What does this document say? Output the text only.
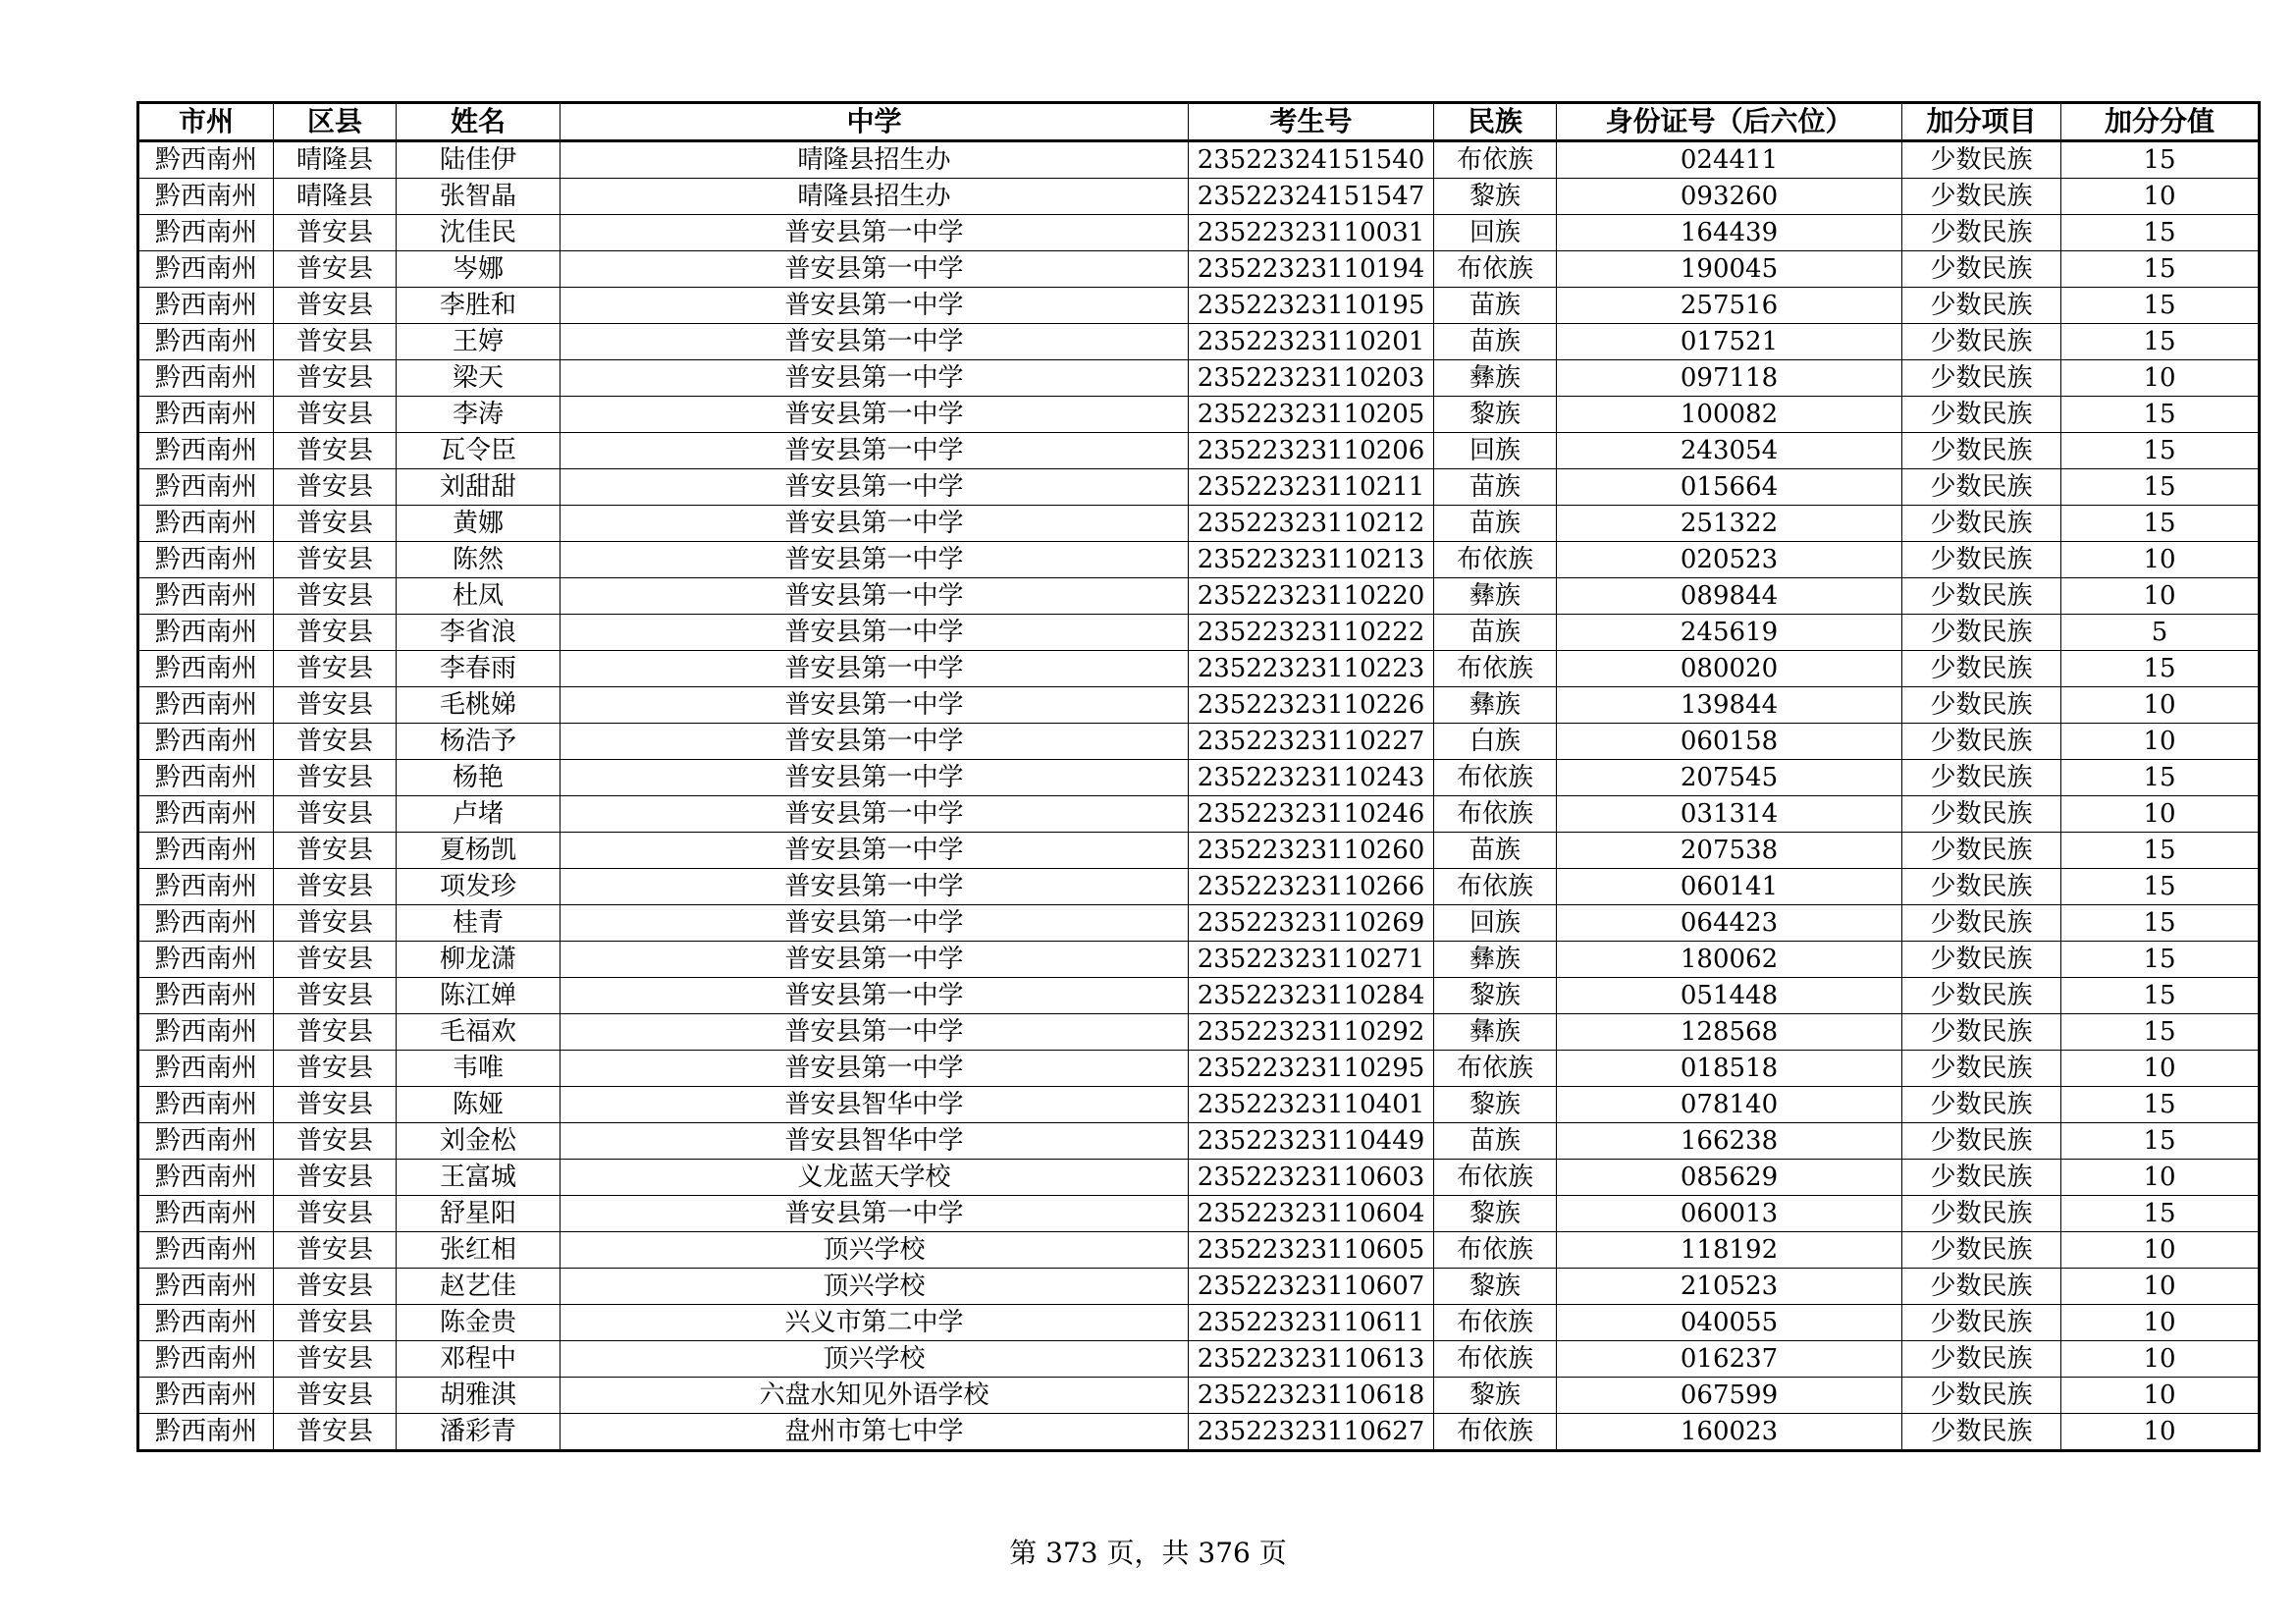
市州	区县	姓名	中学	考生号	民族	身份证号（后六位）	加分项目	加分分值
黔西南州	晴隆县	陆佳伊	晴隆县招生办	23522324151540	布依族	024411	少数民族	15
黔西南州	晴隆县	张智晶	晴隆县招生办	23522324151547	黎族	093260	少数民族	10
黔西南州	普安县	沈佳民	普安县第一中学	23522323110031	回族	164439	少数民族	15
黔西南州	普安县	岑娜	普安县第一中学	23522323110194	布依族	190045	少数民族	15
黔西南州	普安县	李胜和	普安县第一中学	23522323110195	苗族	257516	少数民族	15
黔西南州	普安县	王婷	普安县第一中学	23522323110201	苗族	017521	少数民族	15
黔西南州	普安县	梁天	普安县第一中学	23522323110203	彝族	097118	少数民族	10
黔西南州	普安县	李涛	普安县第一中学	23522323110205	黎族	100082	少数民族	15
黔西南州	普安县	瓦令臣	普安县第一中学	23522323110206	回族	243054	少数民族	15
黔西南州	普安县	刘甜甜	普安县第一中学	23522323110211	苗族	015664	少数民族	15
黔西南州	普安县	黄娜	普安县第一中学	23522323110212	苗族	251322	少数民族	15
黔西南州	普安县	陈然	普安县第一中学	23522323110213	布依族	020523	少数民族	10
黔西南州	普安县	杜凤	普安县第一中学	23522323110220	彝族	089844	少数民族	10
黔西南州	普安县	李省浪	普安县第一中学	23522323110222	苗族	245619	少数民族	5
黔西南州	普安县	李春雨	普安县第一中学	23522323110223	布依族	080020	少数民族	15
黔西南州	普安县	毛桃娣	普安县第一中学	23522323110226	彝族	139844	少数民族	10
黔西南州	普安县	杨浩予	普安县第一中学	23522323110227	白族	060158	少数民族	10
黔西南州	普安县	杨艳	普安县第一中学	23522323110243	布依族	207545	少数民族	15
黔西南州	普安县	卢堵	普安县第一中学	23522323110246	布依族	031314	少数民族	10
黔西南州	普安县	夏杨凯	普安县第一中学	23522323110260	苗族	207538	少数民族	15
黔西南州	普安县	项发珍	普安县第一中学	23522323110266	布依族	060141	少数民族	15
黔西南州	普安县	桂青	普安县第一中学	23522323110269	回族	064423	少数民族	15
黔西南州	普安县	柳龙潇	普安县第一中学	23522323110271	彝族	180062	少数民族	15
黔西南州	普安县	陈江婵	普安县第一中学	23522323110284	黎族	051448	少数民族	15
黔西南州	普安县	毛福欢	普安县第一中学	23522323110292	彝族	128568	少数民族	15
黔西南州	普安县	韦唯	普安县第一中学	23522323110295	布依族	018518	少数民族	10
黔西南州	普安县	陈娅	普安县智华中学	23522323110401	黎族	078140	少数民族	15
黔西南州	普安县	刘金松	普安县智华中学	23522323110449	苗族	166238	少数民族	15
黔西南州	普安县	王富城	义龙蓝天学校	23522323110603	布依族	085629	少数民族	10
黔西南州	普安县	舒星阳	普安县第一中学	23522323110604	黎族	060013	少数民族	15
黔西南州	普安县	张红相	顶兴学校	23522323110605	布依族	118192	少数民族	10
黔西南州	普安县	赵艺佳	顶兴学校	23522323110607	黎族	210523	少数民族	10
黔西南州	普安县	陈金贵	兴义市第二中学	23522323110611	布依族	040055	少数民族	10
黔西南州	普安县	邓程中	顶兴学校	23522323110613	布依族	016237	少数民族	10
黔西南州	普安县	胡雅淇	六盘水知见外语学校	23522323110618	黎族	067599	少数民族	10
黔西南州	普安县	潘彩青	盘州市第七中学	23522323110627	布依族	160023	少数民族	10
第 373 页，共 376 页
